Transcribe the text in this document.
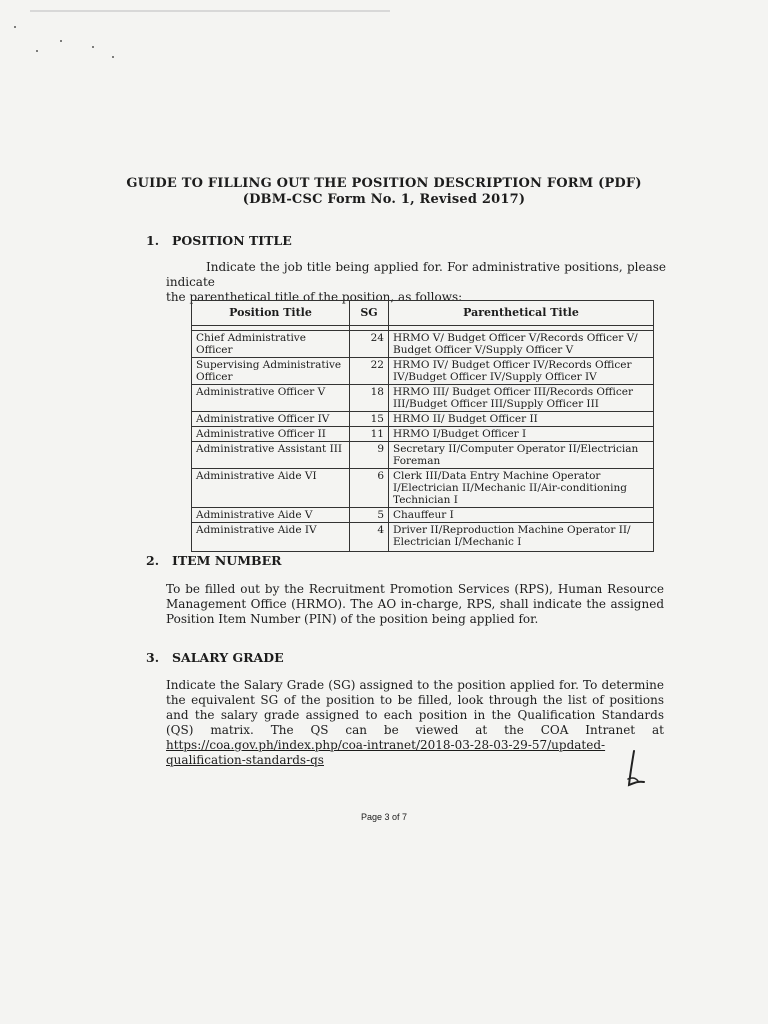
GUIDE TO FILLING OUT THE POSITION DESCRIPTION FORM (PDF)
(DBM-CSC Form No. 1, Revised 2017)
1. POSITION TITLE
Indicate the job title being applied for. For administrative positions, please indicate
the parenthetical title of the position, as follows:
Position Title	SG	Parenthetical Title

Chief Administrative Officer	24	HRMO V/ Budget Officer V/Records Officer V/ Budget Officer V/Supply Officer V
Supervising Administrative Officer	22	HRMO IV/ Budget Officer IV/Records Officer IV/Budget Officer IV/Supply Officer IV
Administrative Officer V	18	HRMO III/ Budget Officer III/Records Officer III/Budget Officer III/Supply Officer III
Administrative Officer IV	15	HRMO II/ Budget Officer II
Administrative Officer II	11	HRMO I/Budget Officer I
Administrative Assistant III	9	Secretary II/Computer Operator II/Electrician Foreman
Administrative Aide VI	6	Clerk III/Data Entry Machine Operator I/Electrician II/Mechanic II/Air-conditioning Technician I
Administrative Aide V	5	Chauffeur I
Administrative Aide IV	4	Driver II/Reproduction Machine Operator II/ Electrician I/Mechanic I
2. ITEM NUMBER
To be filled out by the Recruitment Promotion Services (RPS), Human Resource Management Office (HRMO). The AO in-charge, RPS, shall indicate the assigned Position Item Number (PIN) of the position being applied for.
3. SALARY GRADE
Indicate the Salary Grade (SG) assigned to the position applied for. To determine the equivalent SG of the position to be filled, look through the list of positions and the salary grade assigned to each position in the Qualification Standards (QS) matrix. The QS can be viewed at the COA Intranet at https://coa.gov.ph/index.php/coa-intranet/2018-03-28-03-29-57/updated-qualification-standards-qs
Page 3 of 7
